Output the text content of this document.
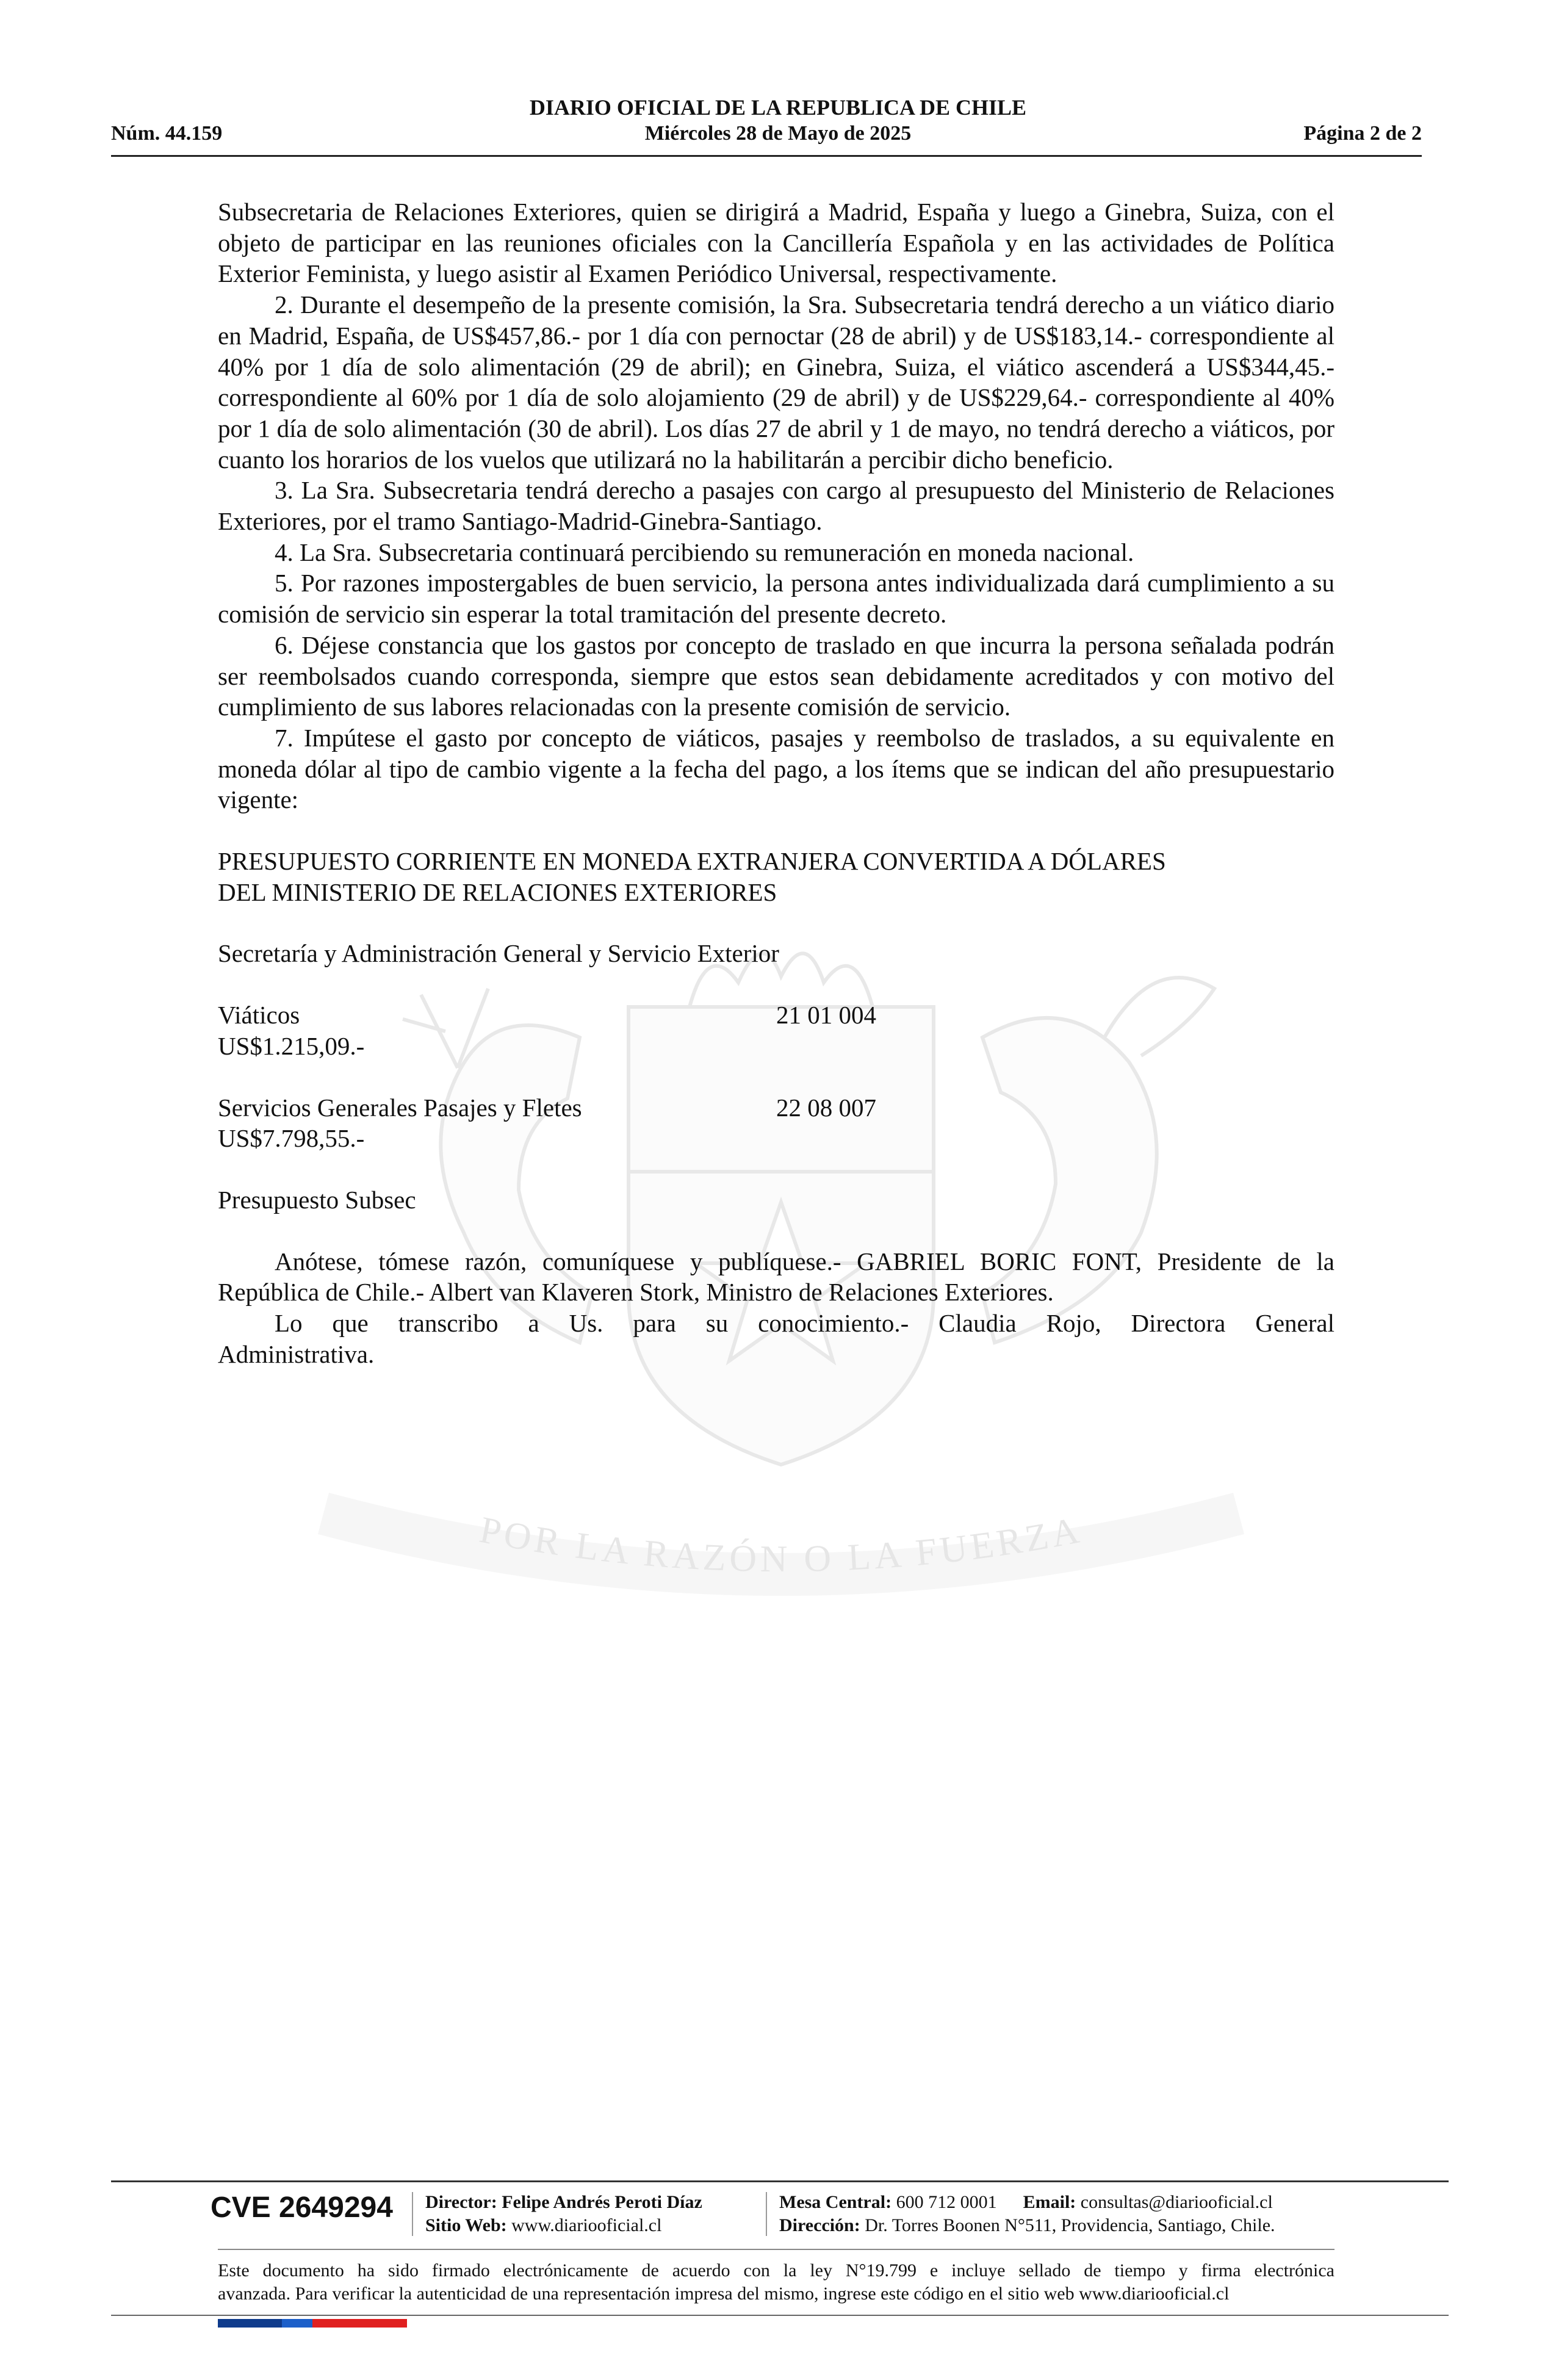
DIARIO OFICIAL DE LA REPUBLICA DE CHILE
Núm. 44.159	Miércoles 28 de Mayo de 2025	Página 2 de 2
POR LA RAZÓN O LA FUERZA

Subsecretaria de Relaciones Exteriores, quien se dirigirá a Madrid, España y luego a Ginebra, Suiza, con el objeto de participar en las reuniones oficiales con la Cancillería Española y en las actividades de Política Exterior Feminista, y luego asistir al Examen Periódico Universal, respectivamente.

2. Durante el desempeño de la presente comisión, la Sra. Subsecretaria tendrá derecho a un viático diario en Madrid, España, de US$457,86.- por 1 día con pernoctar (28 de abril) y de US$183,14.- correspondiente al 40% por 1 día de solo alimentación (29 de abril); en Ginebra, Suiza, el viático ascenderá a US$344,45.- correspondiente al 60% por 1 día de solo alojamiento (29 de abril) y de US$229,64.- correspondiente al 40% por 1 día de solo alimentación (30 de abril). Los días 27 de abril y 1 de mayo, no tendrá derecho a viáticos, por cuanto los horarios de los vuelos que utilizará no la habilitarán a percibir dicho beneficio.

3. La Sra. Subsecretaria tendrá derecho a pasajes con cargo al presupuesto del Ministerio de Relaciones Exteriores, por el tramo Santiago-Madrid-Ginebra-Santiago.

4. La Sra. Subsecretaria continuará percibiendo su remuneración en moneda nacional.

5. Por razones impostergables de buen servicio, la persona antes individualizada dará cumplimiento a su comisión de servicio sin esperar la total tramitación del presente decreto.

6. Déjese constancia que los gastos por concepto de traslado en que incurra la persona señalada podrán ser reembolsados cuando corresponda, siempre que estos sean debidamente acreditados y con motivo del cumplimiento de sus labores relacionadas con la presente comisión de servicio.

7. Impútese el gasto por concepto de viáticos, pasajes y reembolso de traslados, a su equivalente en moneda dólar al tipo de cambio vigente a la fecha del pago, a los ítems que se indican del año presupuestario vigente:

PRESUPUESTO CORRIENTE EN MONEDA EXTRANJERA CONVERTIDA A DÓLARES

DEL MINISTERIO DE RELACIONES EXTERIORES

Secretaría y Administración General y Servicio Exterior

Viáticos	21 01 004

US$1.215,09.-

Servicios Generales Pasajes y Fletes	22 08 007

US$7.798,55.-

Presupuesto Subsec

Anótese, tómese razón, comuníquese y publíquese.- GABRIEL BORIC FONT, Presidente de la República de Chile.- Albert van Klaveren Stork, Ministro de Relaciones Exteriores.

Lo que transcribo a Us. para su conocimiento.- Claudia Rojo, Directora General

Administrativa.

CVE 2649294 Director: Felipe Andrés Peroti Díaz
Sitio Web: www.diariooficial.cl
Mesa Central: 600 712 0001 Email: consultas@diariooficial.cl
Dirección: Dr. Torres Boonen N°511, Providencia, Santiago, Chile.
Este documento ha sido firmado electrónicamente de acuerdo con la ley N°19.799 e incluye sellado de tiempo y firma electrónica
avanzada. Para verificar la autenticidad de una representación impresa del mismo, ingrese este código en el sitio web www.diariooficial.cl
